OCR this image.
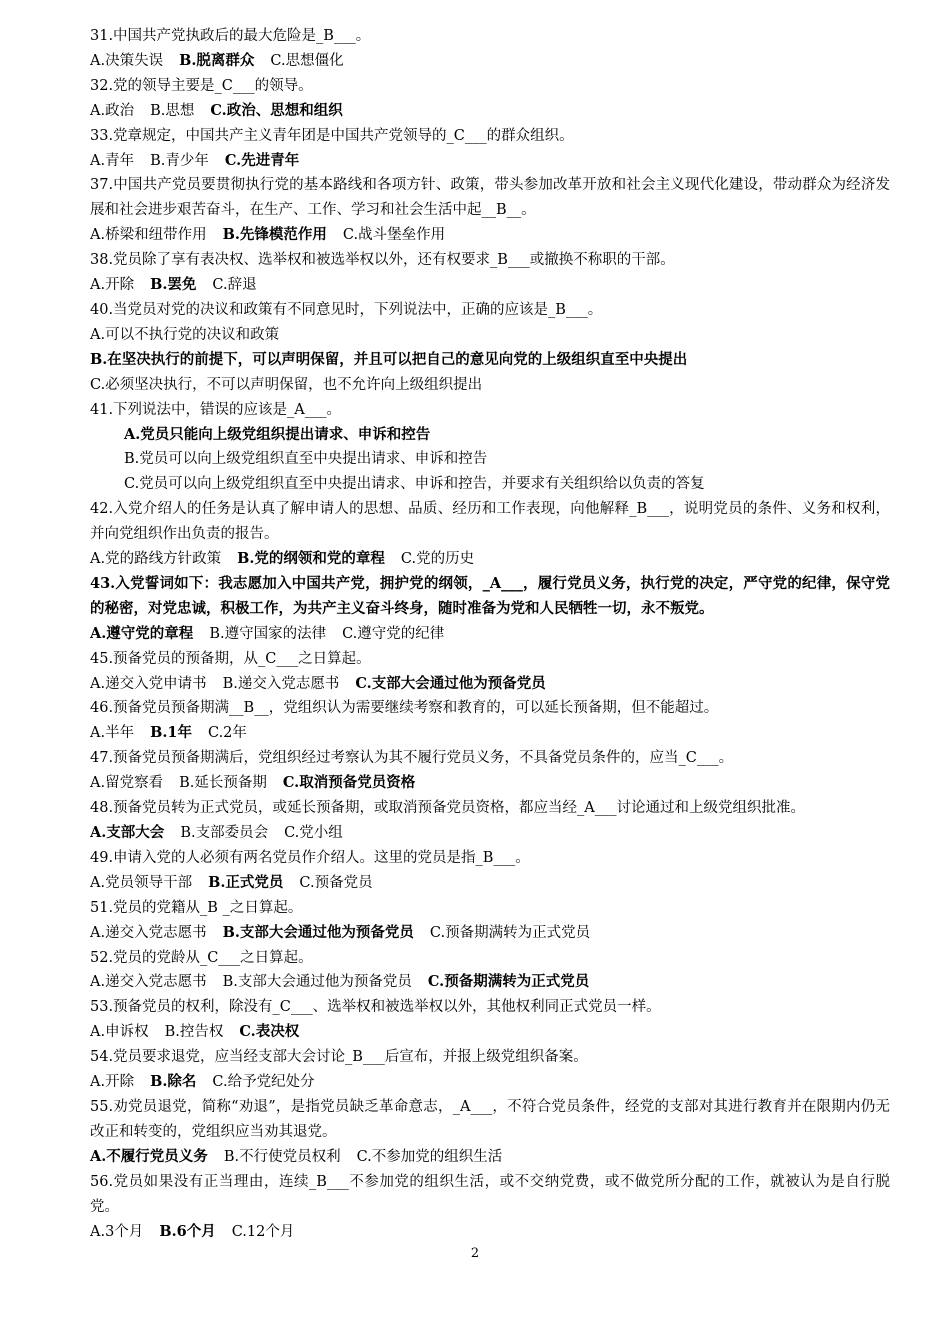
31.中国共产党执政后的最大危险是_B___。
A.决策失误 B.脱离群众 C.思想僵化
32.党的领导主要是_C___的领导。
A.政治 B.思想 C.政治、思想和组织
33.党章规定，中国共产主义青年团是中国共产党领导的_C___的群众组织。
A.青年 B.青少年 C.先进青年
37.中国共产党员要贯彻执行党的基本路线和各项方针、政策，带头参加改革开放和社会主义现代化建设，带动群众为经济发展和社会进步艰苦奋斗，在生产、工作、学习和社会生活中起__B__。
A.桥梁和纽带作用 B.先锋模范作用 C.战斗堡垒作用
38.党员除了享有表决权、选举权和被选举权以外，还有权要求_B___或撤换不称职的干部。
A.开除 B.罢免 C.辞退
40.当党员对党的决议和政策有不同意见时，下列说法中，正确的应该是_B___。
A.可以不执行党的决议和政策
B.在坚决执行的前提下，可以声明保留，并且可以把自己的意见向党的上级组织直至中央提出
C.必须坚决执行，不可以声明保留，也不允许向上级组织提出
41.下列说法中，错误的应该是_A___。
A.党员只能向上级党组织提出请求、申诉和控告
B.党员可以向上级党组织直至中央提出请求、申诉和控告
C.党员可以向上级党组织直至中央提出请求、申诉和控告，并要求有关组织给以负责的答复
42.入党介绍人的任务是认真了解申请人的思想、品质、经历和工作表现，向他解释_B___，说明党员的条件、义务和权利，并向党组织作出负责的报告。
A.党的路线方针政策 B.党的纲领和党的章程 C.党的历史
43.入党誓词如下：我志愿加入中国共产党，拥护党的纲领，_A___，履行党员义务，执行党的决定，严守党的纪律，保守党的秘密，对党忠诚，积极工作，为共产主义奋斗终身，随时准备为党和人民牺牲一切，永不叛党。
A.遵守党的章程 B.遵守国家的法律 C.遵守党的纪律
45.预备党员的预备期，从_C___之日算起。
A.递交入党申请书 B.递交入党志愿书 C.支部大会通过他为预备党员
46.预备党员预备期满__B__，党组织认为需要继续考察和教育的，可以延长预备期，但不能超过。
A.半年 B.1年 C.2年
47.预备党员预备期满后，党组织经过考察认为其不履行党员义务，不具备党员条件的，应当_C___。
A.留党察看 B.延长预备期 C.取消预备党员资格
48.预备党员转为正式党员，或延长预备期，或取消预备党员资格，都应当经_A___讨论通过和上级党组织批准。
A.支部大会 B.支部委员会 C.党小组
49.申请入党的人必须有两名党员作介绍人。这里的党员是指_B___。
A.党员领导干部 B.正式党员 C.预备党员
51.党员的党籍从_B _之日算起。
A.递交入党志愿书 B.支部大会通过他为预备党员 C.预备期满转为正式党员
52.党员的党龄从_C___之日算起。
A.递交入党志愿书 B.支部大会通过他为预备党员 C.预备期满转为正式党员
53.预备党员的权利，除没有_C___、选举权和被选举权以外，其他权利同正式党员一样。
A.申诉权 B.控告权 C.表决权
54.党员要求退党，应当经支部大会讨论_B___后宣布，并报上级党组织备案。
A.开除 B.除名 C.给予党纪处分
55.劝党员退党，简称“劝退”，是指党员缺乏革命意志，_A___，不符合党员条件，经党的支部对其进行教育并在限期内仍无改正和转变的，党组织应当劝其退党。
A.不履行党员义务 B.不行使党员权利 C.不参加党的组织生活
56.党员如果没有正当理由，连续_B___不参加党的组织生活，或不交纳党费，或不做党所分配的工作，就被认为是自行脱党。
A.3个月 B.6个月 C.12个月
2
